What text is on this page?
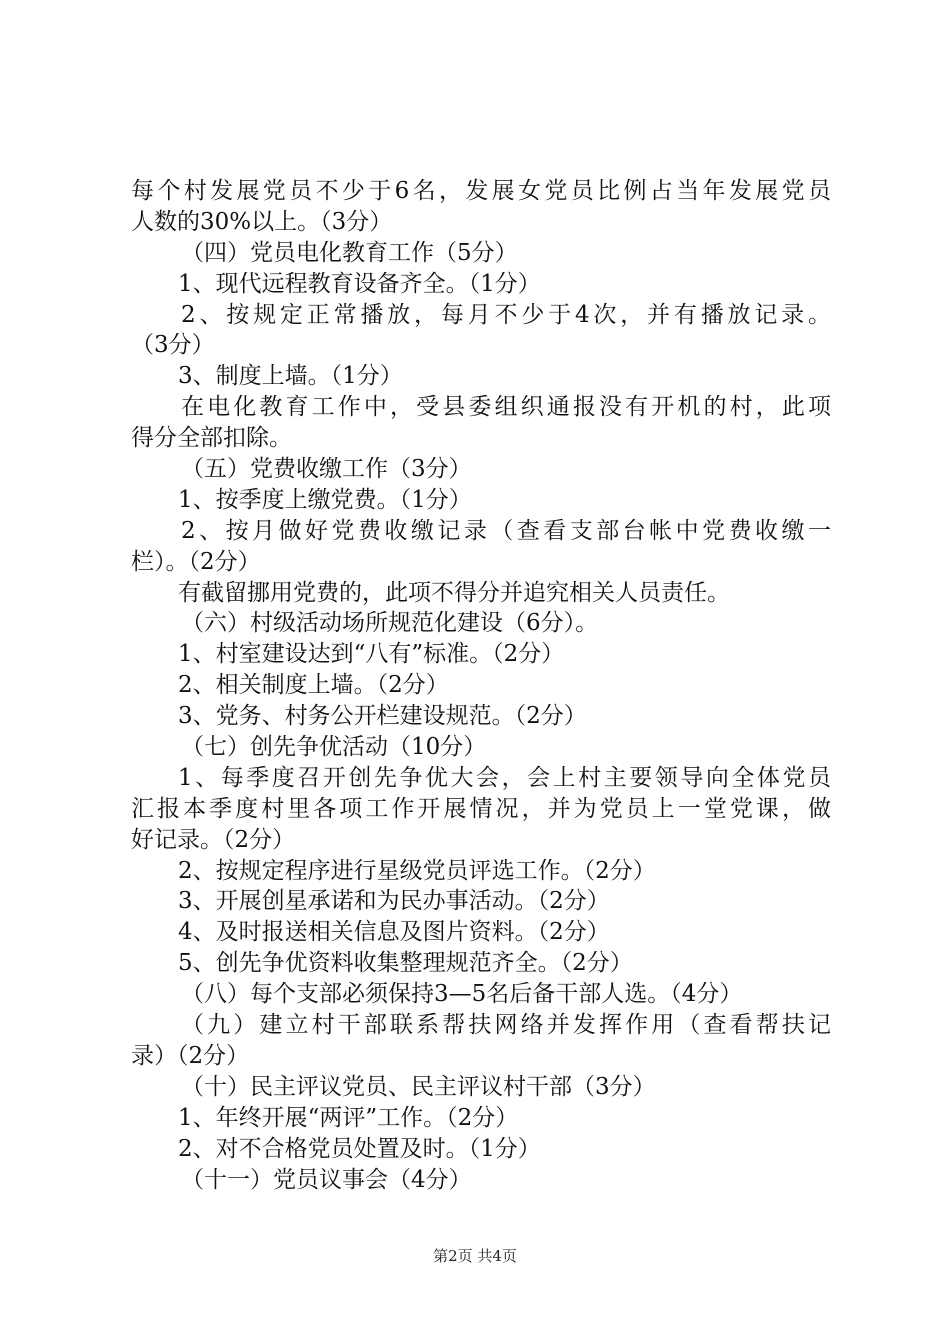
每个村发展党员不少于6名，发展女党员比例占当年发展党员
人数的30%以上。（3分）
（四）党员电化教育工作（5分）
1、现代远程教育设备齐全。（1分）
2、按规定正常播放，每月不少于4次，并有播放记录。
（3分）
3、制度上墙。（1分）
在电化教育工作中，受县委组织通报没有开机的村，此项
得分全部扣除。
（五）党费收缴工作（3分）
1、按季度上缴党费。（1分）
2、按月做好党费收缴记录（查看支部台帐中党费收缴一
栏）。（2分）
有截留挪用党费的，此项不得分并追究相关人员责任。
（六）村级活动场所规范化建设（6分）。
1、村室建设达到“八有”标准。（2分）
2、相关制度上墙。（2分）
3、党务、村务公开栏建设规范。（2分）
（七）创先争优活动（10分）
1、每季度召开创先争优大会，会上村主要领导向全体党员
汇报本季度村里各项工作开展情况，并为党员上一堂党课，做
好记录。（2分）
2、按规定程序进行星级党员评选工作。（2分）
3、开展创星承诺和为民办事活动。（2分）
4、及时报送相关信息及图片资料。（2分）
5、创先争优资料收集整理规范齐全。（2分）
（八）每个支部必须保持3—5名后备干部人选。（4分）
（九）建立村干部联系帮扶网络并发挥作用（查看帮扶记
录）（2分）
（十）民主评议党员、民主评议村干部（3分）
1、年终开展“两评”工作。（2分）
2、对不合格党员处置及时。（1分）
（十一）党员议事会（4分）
第2页 共4页
